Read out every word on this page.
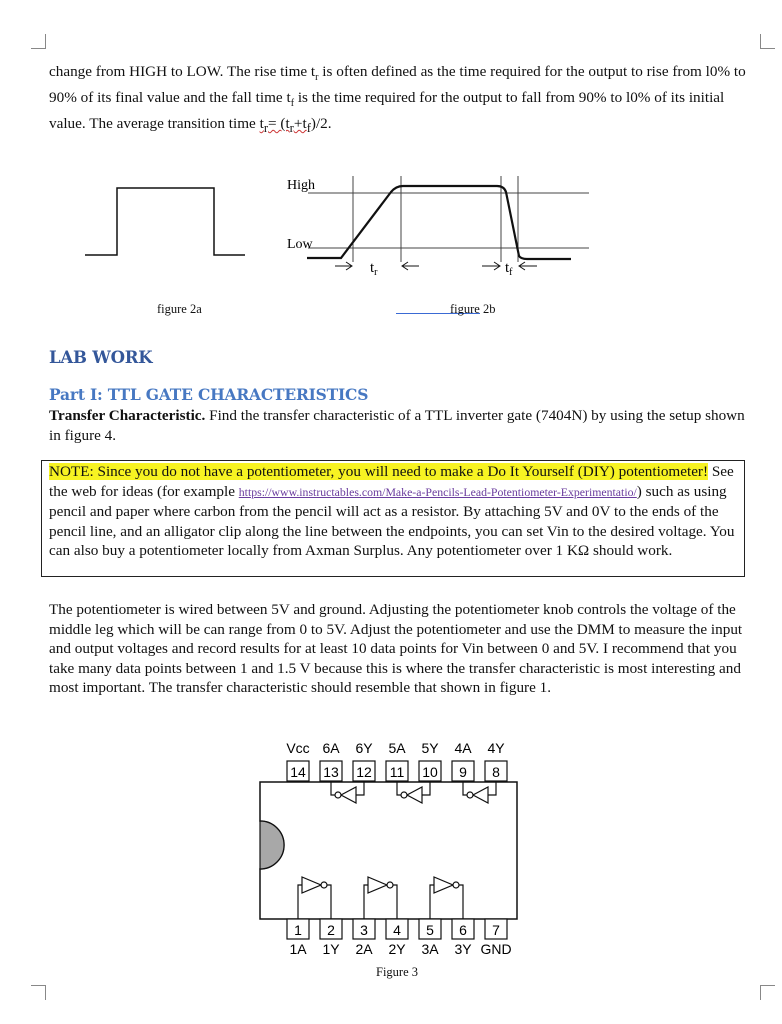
change from HIGH to LOW. The rise time $t_r$ is often defined as the time required for the output to rise from l0% to 90% of its final value and the fall time $t_f$ is the time required for the output to fall from 90% to l0% of its initial value. The average transition time $t_r= (t_r+t_f)/2$.

High
Low
$t_r$	$t_f$
figure 2a	figure 2b
LAB WORK
Part I: TTL GATE CHARACTERISTICS

Transfer Characteristic. Find the transfer characteristic of a TTL inverter gate (7404N) by using the setup shown in figure 4.

NOTE: Since you do not have a potentiometer, you will need to make a Do It Yourself (DIY) potentiometer! See the web for ideas (for example https://www.instructables.com/Make-a-Pencils-Lead-Potentiometer-Experimentatio/) such as using pencil and paper where carbon from the pencil will act as a resistor. By attaching 5V and 0V to the ends of the pencil line, and an alligator clip along the line between the endpoints, you can set Vin to the desired voltage. You can also buy a potentiometer locally from Axman Surplus. Any potentiometer over 1 KΩ should work.

The potentiometer is wired between 5V and ground. Adjusting the potentiometer knob controls the voltage of the middle leg which will be can range from 0 to 5V. Adjust the potentiometer and use the DMM to measure the input and output voltages and record results for at least 10 data points for Vin between 0 and 5V. I recommend that you take many data points between 1 and 1.5 V because this is where the transfer characteristic is most interesting and most important. The transfer characteristic should resemble that shown in figure 1.

Vcc 6A 6Y 5A 5Y 4A 4Y
14 13 12 11 10 9 8
1 2 3 4 5 6 7
1A 1Y 2A 2Y 3A 3Y GND
Figure 3
